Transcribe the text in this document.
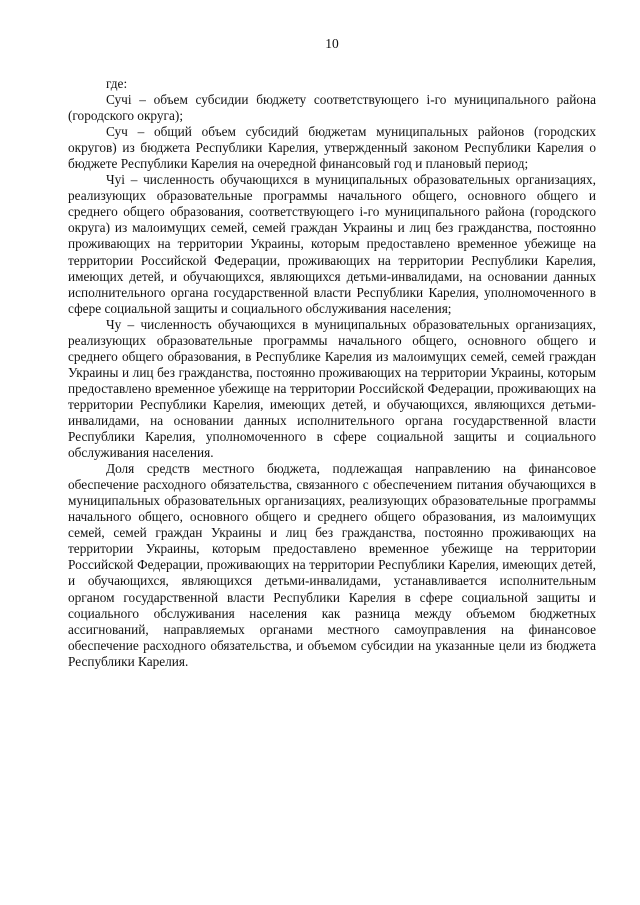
10

где:

Сучі – объем субсидии бюджету соответствующего і-го муниципального района (городского округа);

Суч – общий объем субсидий бюджетам муниципальных районов (городских округов) из бюджета Республики Карелия, утвержденный законом Республики Карелия о бюджете Республики Карелия на очередной финансовый год и плановый период;

Чуі – численность обучающихся в муниципальных образовательных организациях, реализующих образовательные программы начального общего, основного общего и среднего общего образования, соответствующего і-го муниципального района (городского округа) из малоимущих семей, семей граждан Украины и лиц без гражданства, постоянно проживающих на территории Украины, которым предоставлено временное убежище на территории Российской Федерации, проживающих на территории Республики Карелия, имеющих детей, и обучающихся, являющихся детьми-инвалидами, на основании данных исполнительного органа государственной власти Республики Карелия, уполномоченного в сфере социальной защиты и социального обслуживания населения;

Чу – численность обучающихся в муниципальных образовательных организациях, реализующих образовательные программы начального общего, основного общего и среднего общего образования, в Республике Карелия из малоимущих семей, семей граждан Украины и лиц без гражданства, постоянно проживающих на территории Украины, которым предоставлено временное убежище на территории Российской Федерации, проживающих на территории Республики Карелия, имеющих детей, и обучающихся, являющихся детьми-инвалидами, на основании данных исполнительного органа государственной власти Республики Карелия, уполномоченного в сфере социальной защиты и социального обслуживания населения.

Доля средств местного бюджета, подлежащая направлению на финансовое обеспечение расходного обязательства, связанного с обеспечением питания обучающихся в муниципальных образовательных организациях, реализующих образовательные программы начального общего, основного общего и среднего общего образования, из малоимущих семей, семей граждан Украины и лиц без гражданства, постоянно проживающих на территории Украины, которым предоставлено временное убежище на территории Российской Федерации, проживающих на территории Республики Карелия, имеющих детей, и обучающихся, являющихся детьми-инвалидами, устанавливается исполнительным органом государственной власти Республики Карелия в сфере социальной защиты и социального обслуживания населения как разница между объемом бюджетных ассигнований, направляемых органами местного самоуправления на финансовое обеспечение расходного обязательства, и объемом субсидии на указанные цели из бюджета Республики Карелия.
